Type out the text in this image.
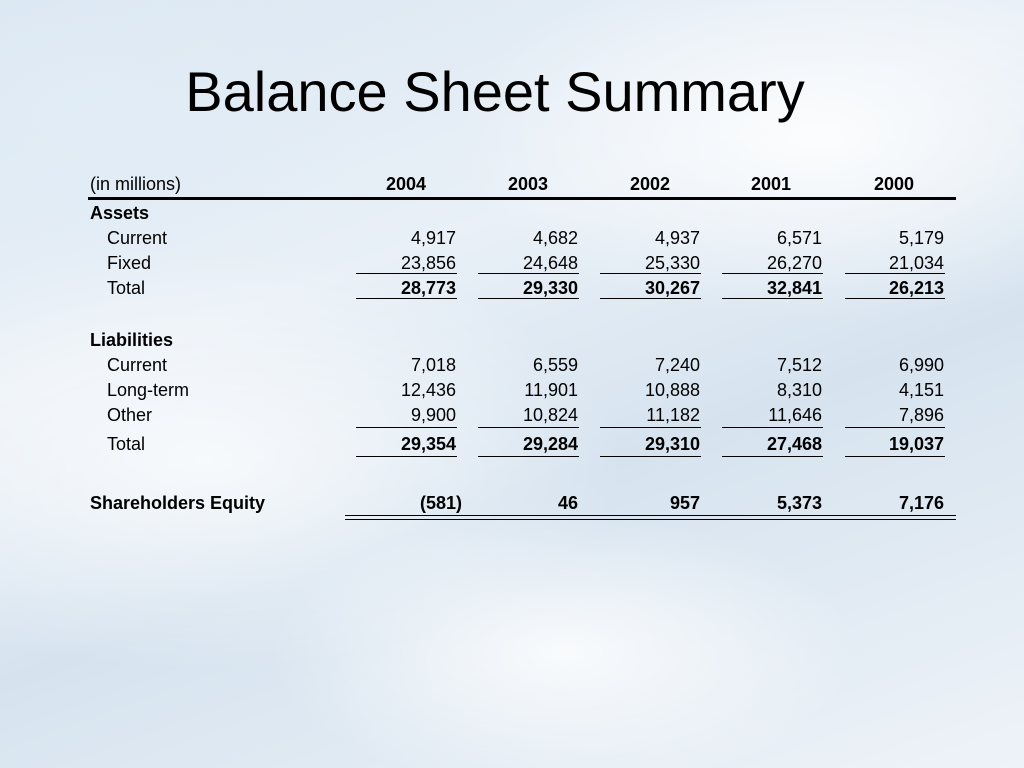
Balance Sheet Summary
(in millions)	2004	2003	2002	2001	2000
Assets
Current	4,917	4,682	4,937	6,571	5,179
Fixed	23,856	24,648	25,330	26,270	21,034
Total	28,773	29,330	30,267	32,841	26,213
Liabilities
Current	7,018	6,559	7,240	7,512	6,990
Long-term	12,436	11,901	10,888	8,310	4,151
Other	9,900	10,824	11,182	11,646	7,896
Total	29,354	29,284	29,310	27,468	19,037
Shareholders Equity	(581)	46	957	5,373	7,176
